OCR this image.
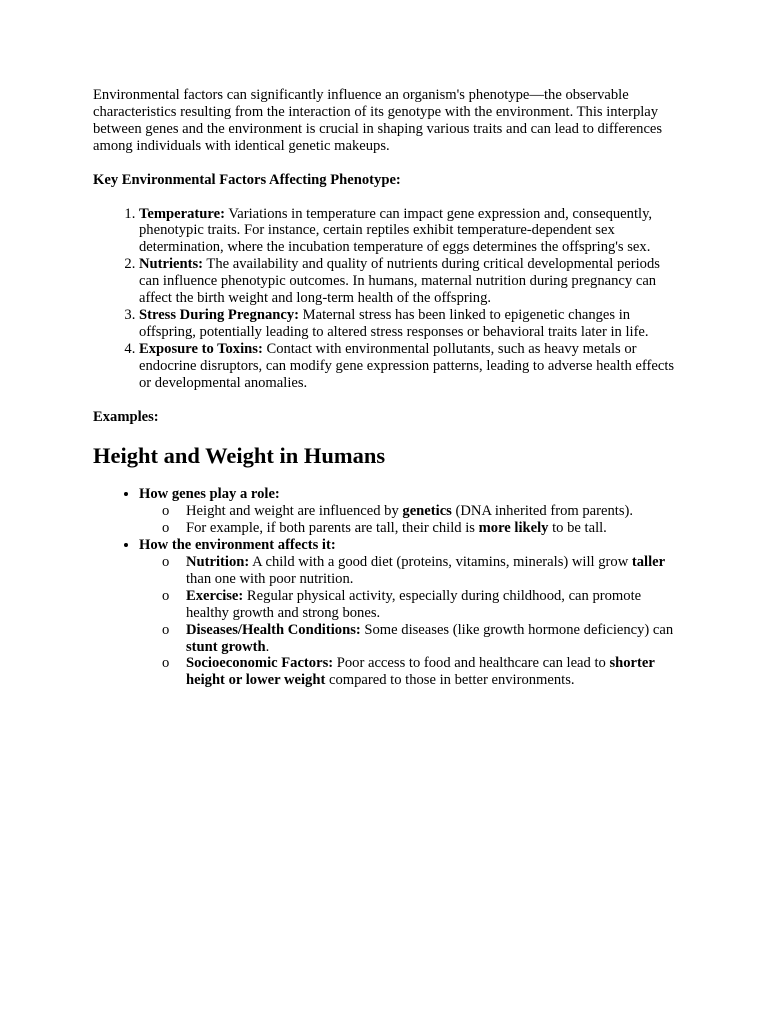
Environmental factors can significantly influence an organism's phenotype—the observable characteristics resulting from the interaction of its genotype with the environment. This interplay between genes and the environment is crucial in shaping various traits and can lead to differences among individuals with identical genetic makeups.

Key Environmental Factors Affecting Phenotype:

1. Temperature: Variations in temperature can impact gene expression and, consequently, phenotypic traits. For instance, certain reptiles exhibit temperature-dependent sex determination, where the incubation temperature of eggs determines the offspring's sex.
2. Nutrients: The availability and quality of nutrients during critical developmental periods can influence phenotypic outcomes. In humans, maternal nutrition during pregnancy can affect the birth weight and long-term health of the offspring.
3. Stress During Pregnancy: Maternal stress has been linked to epigenetic changes in offspring, potentially leading to altered stress responses or behavioral traits later in life.
4. Exposure to Toxins: Contact with environmental pollutants, such as heavy metals or endocrine disruptors, can modify gene expression patterns, leading to adverse health effects or developmental anomalies.

Examples:

Height and Weight in Humans
• How genes play a role:
o Height and weight are influenced by genetics (DNA inherited from parents).
o For example, if both parents are tall, their child is more likely to be tall.
• How the environment affects it:
o Nutrition: A child with a good diet (proteins, vitamins, minerals) will grow taller than one with poor nutrition.
o Exercise: Regular physical activity, especially during childhood, can promote healthy growth and strong bones.
o Diseases/Health Conditions: Some diseases (like growth hormone deficiency) can stunt growth.
o Socioeconomic Factors: Poor access to food and healthcare can lead to shorter height or lower weight compared to those in better environments.
